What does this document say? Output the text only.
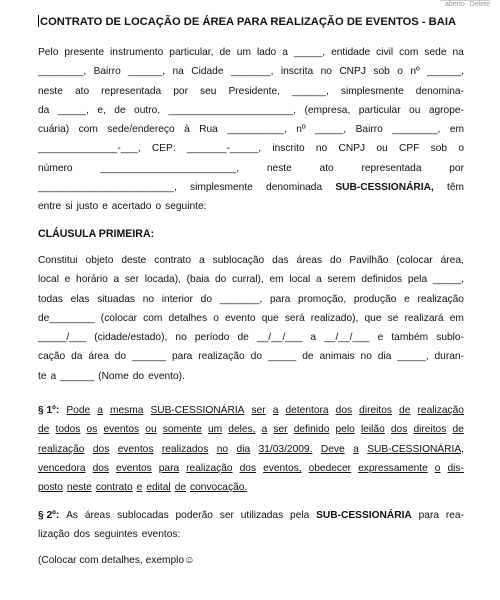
aberto Delete
CONTRATO DE LOCAÇÃO DE ÁREA PARA REALIZAÇÃO DE EVENTOS - BAIA
Pelo presente instrumento particular, de um lado a _____, entidade civil com sede na
________, Bairro ______, na Cidade _______, inscrita no CNPJ sob o nº ______,
neste ato representada por seu Presidente, ______, simplesmente denomina-
da _____, e, de outro, ______________________, (empresa, particular ou agrope-
cuária) com sede/endereço à Rua __________, nº _____, Bairro ________, em
______________-___, CEP: _______-_____, inscrito no CNPJ ou CPF sob o
número	________________________,	neste	ato	representada	por
________________________, simplesmente denominada SUB-CESSIONÁRIA, têm
entre si justo e acertado o seguinte:
CLÁUSULA PRIMEIRA:
Constitui objeto deste contrato a sublocação das áreas do Pavilhão (colocar área,
local e horário a ser locada), (baia do curral), em local a serem definidos pela _____,
todas elas situadas no interior do _______, para promoção, produção e realização
de________ (colocar com detalhes o evento que será realizado), que se realizará em
_____/___ (cidade/estado), no período de __/__/___ a __/__/___ e também sublo-
cação da área do ______ para realização do _____ de animais no dia _____, duran-
te a ______ (Nome do evento).
§ 1º: Pode a mesma SUB-CESSIONÁRIA ser a detentora dos direitos de realização
de todos os eventos ou somente um deles, a ser definido pelo leilão dos direitos de
realização dos eventos realizados no dia 31/03/2009. Deve a SUB-CESSIONÁRIA,
vencedora dos eventos para realização dos eventos, obedecer expressamente o dis-
posto neste contrato e edital de convocação.
§ 2º: As áreas sublocadas poderão ser utilizadas pela SUB-CESSIONÁRIA para rea-
lização dos seguintes eventos:
(Colocar com detalhes, exemplo☺
